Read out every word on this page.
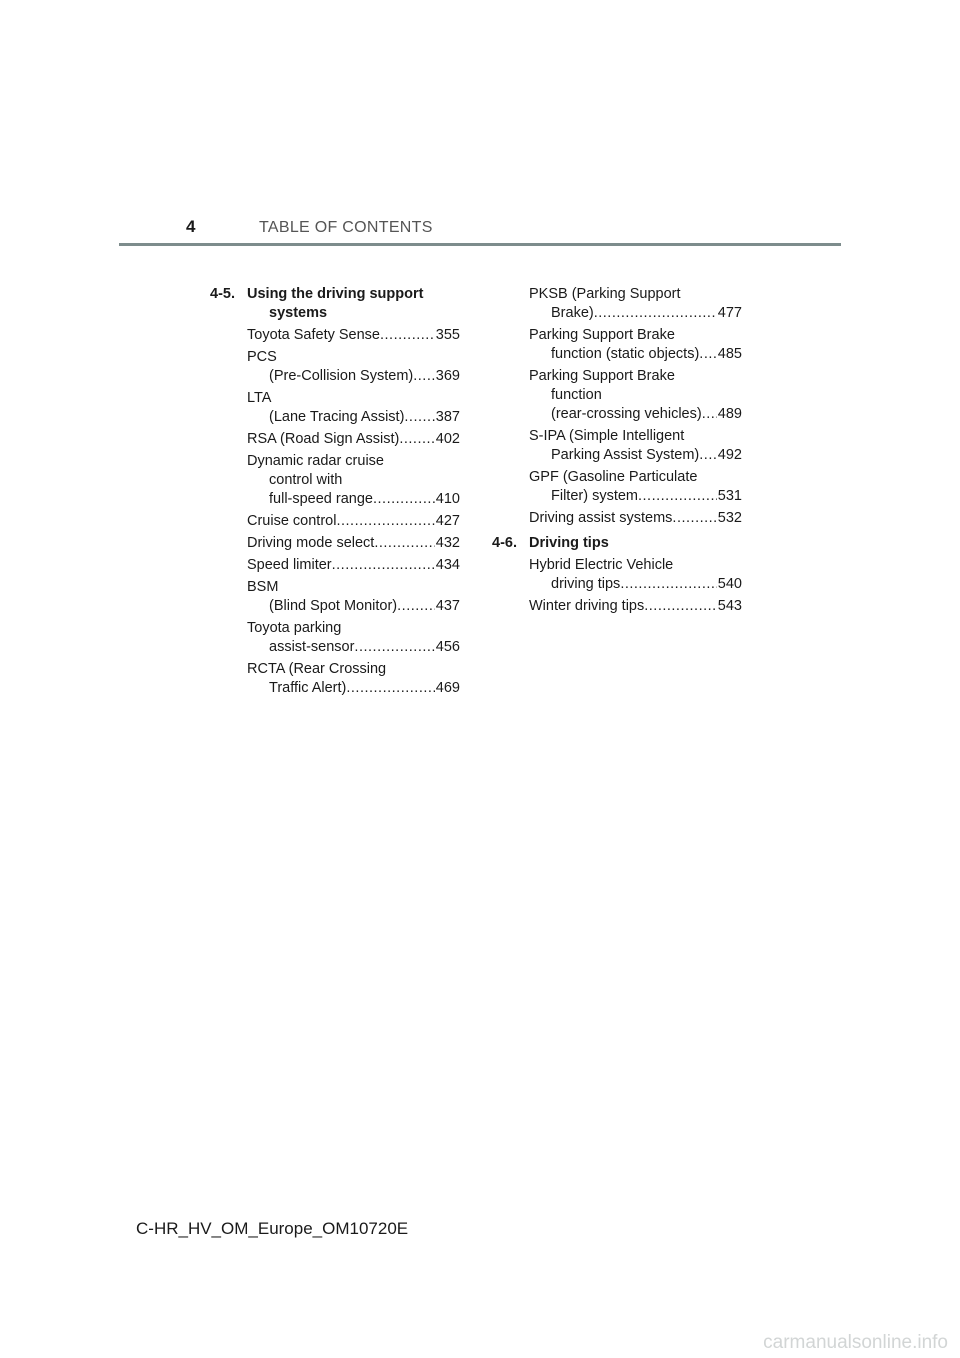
4	TABLE OF CONTENTS
4-5. Using the driving support systems
Toyota Safety Sense .....	355
PCS
(Pre-Collision System) ..... 369
LTA
(Lane Tracing Assist) ..... 387
RSA (Road Sign Assist) .....	402
Dynamic radar cruise
control with
full-speed range .....	410
Cruise control .....	427
Driving mode select .....	432
Speed limiter .....	434
BSM
(Blind Spot Monitor) .....	437
Toyota parking
assist-sensor .....	456
RCTA (Rear Crossing
Traffic Alert) .....	469
PKSB (Parking Support
Brake) .....	477
Parking Support Brake
function (static objects) ..... 485
Parking Support Brake
function
(rear-crossing vehicles) ..... 489
S-IPA (Simple Intelligent
Parking Assist System) ..... 492
GPF (Gasoline Particulate
Filter) system .....	531
Driving assist systems .....	532
4-6. Driving tips
Hybrid Electric Vehicle
driving tips .....	540
Winter driving tips .....	543
C-HR_HV_OM_Europe_OM10720E
carmanualsonline.info
